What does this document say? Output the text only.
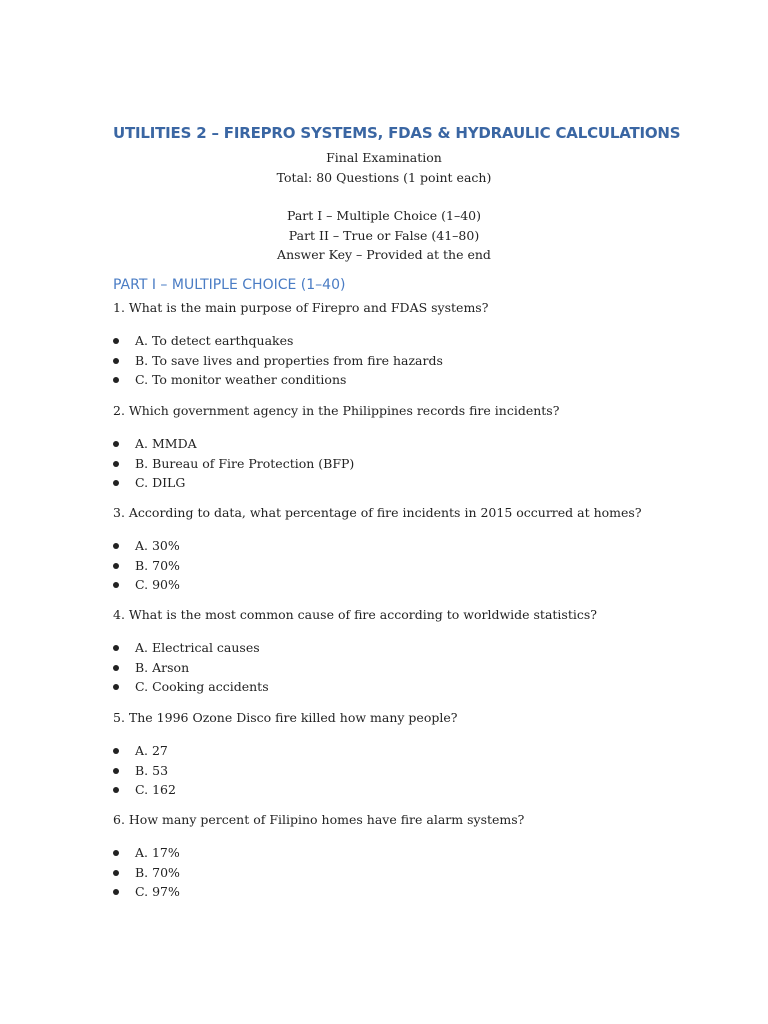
UTILITIES 2 – FIREPRO SYSTEMS, FDAS & HYDRAULIC CALCULATIONS
Final Examination
Total: 80 Questions (1 point each)
Part I – Multiple Choice (1–40)
Part II – True or False (41–80)
Answer Key – Provided at the end
PART I – MULTIPLE CHOICE (1–40)
1. What is the main purpose of Firepro and FDAS systems?
A. To detect earthquakes
B. To save lives and properties from fire hazards
C. To monitor weather conditions
2. Which government agency in the Philippines records fire incidents?
A. MMDA
B. Bureau of Fire Protection (BFP)
C. DILG
3. According to data, what percentage of fire incidents in 2015 occurred at homes?
A. 30%
B. 70%
C. 90%
4. What is the most common cause of fire according to worldwide statistics?
A. Electrical causes
B. Arson
C. Cooking accidents
5. The 1996 Ozone Disco fire killed how many people?
A. 27
B. 53
C. 162
6. How many percent of Filipino homes have fire alarm systems?
A. 17%
B. 70%
C. 97%
